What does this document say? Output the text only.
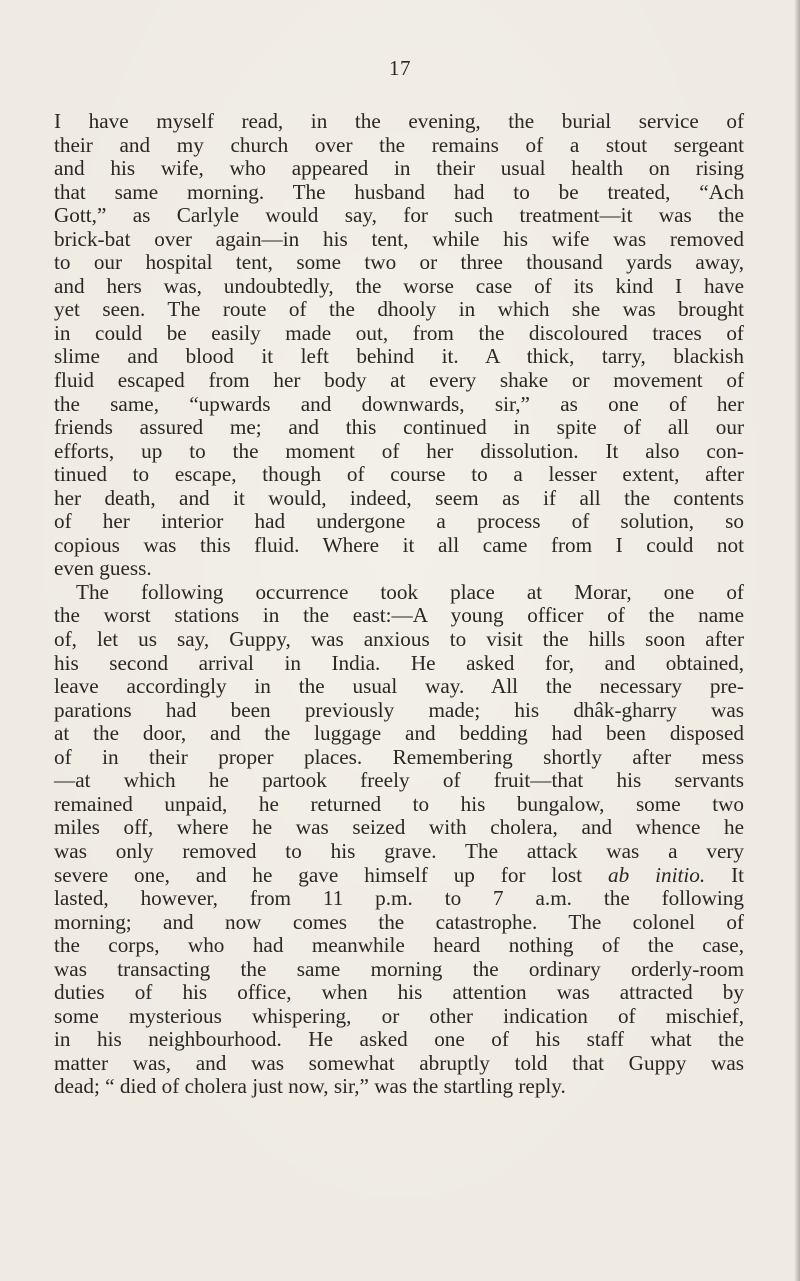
17
I have myself read, in the evening, the burial service of
their and my church over the remains of a stout sergeant
and his wife, who appeared in their usual health on rising
that same morning. The husband had to be treated, “Ach
Gott,” as Carlyle would say, for such treatment—it was the
brick-bat over again—in his tent, while his wife was removed
to our hospital tent, some two or three thousand yards away,
and hers was, undoubtedly, the worse case of its kind I have
yet seen. The route of the dhooly in which she was brought
in could be easily made out, from the discoloured traces of
slime and blood it left behind it. A thick, tarry, blackish
fluid escaped from her body at every shake or movement of
the same, “upwards and downwards, sir,” as one of her
friends assured me; and this continued in spite of all our
efforts, up to the moment of her dissolution. It also con-
tinued to escape, though of course to a lesser extent, after
her death, and it would, indeed, seem as if all the contents
of her interior had undergone a process of solution, so
copious was this fluid. Where it all came from I could not
even guess.
The following occurrence took place at Morar, one of
the worst stations in the east:—A young officer of the name
of, let us say, Guppy, was anxious to visit the hills soon after
his second arrival in India. He asked for, and obtained,
leave accordingly in the usual way. All the necessary pre-
parations had been previously made; his dhâk-gharry was
at the door, and the luggage and bedding had been disposed
of in their proper places. Remembering shortly after mess
—at which he partook freely of fruit—that his servants
remained unpaid, he returned to his bungalow, some two
miles off, where he was seized with cholera, and whence he
was only removed to his grave. The attack was a very
severe one, and he gave himself up for lost ab initio. It
lasted, however, from 11 p.m. to 7 a.m. the following
morning; and now comes the catastrophe. The colonel of
the corps, who had meanwhile heard nothing of the case,
was transacting the same morning the ordinary orderly-room
duties of his office, when his attention was attracted by
some mysterious whispering, or other indication of mischief,
in his neighbourhood. He asked one of his staff what the
matter was, and was somewhat abruptly told that Guppy was
dead; “ died of cholera just now, sir,” was the startling reply.
